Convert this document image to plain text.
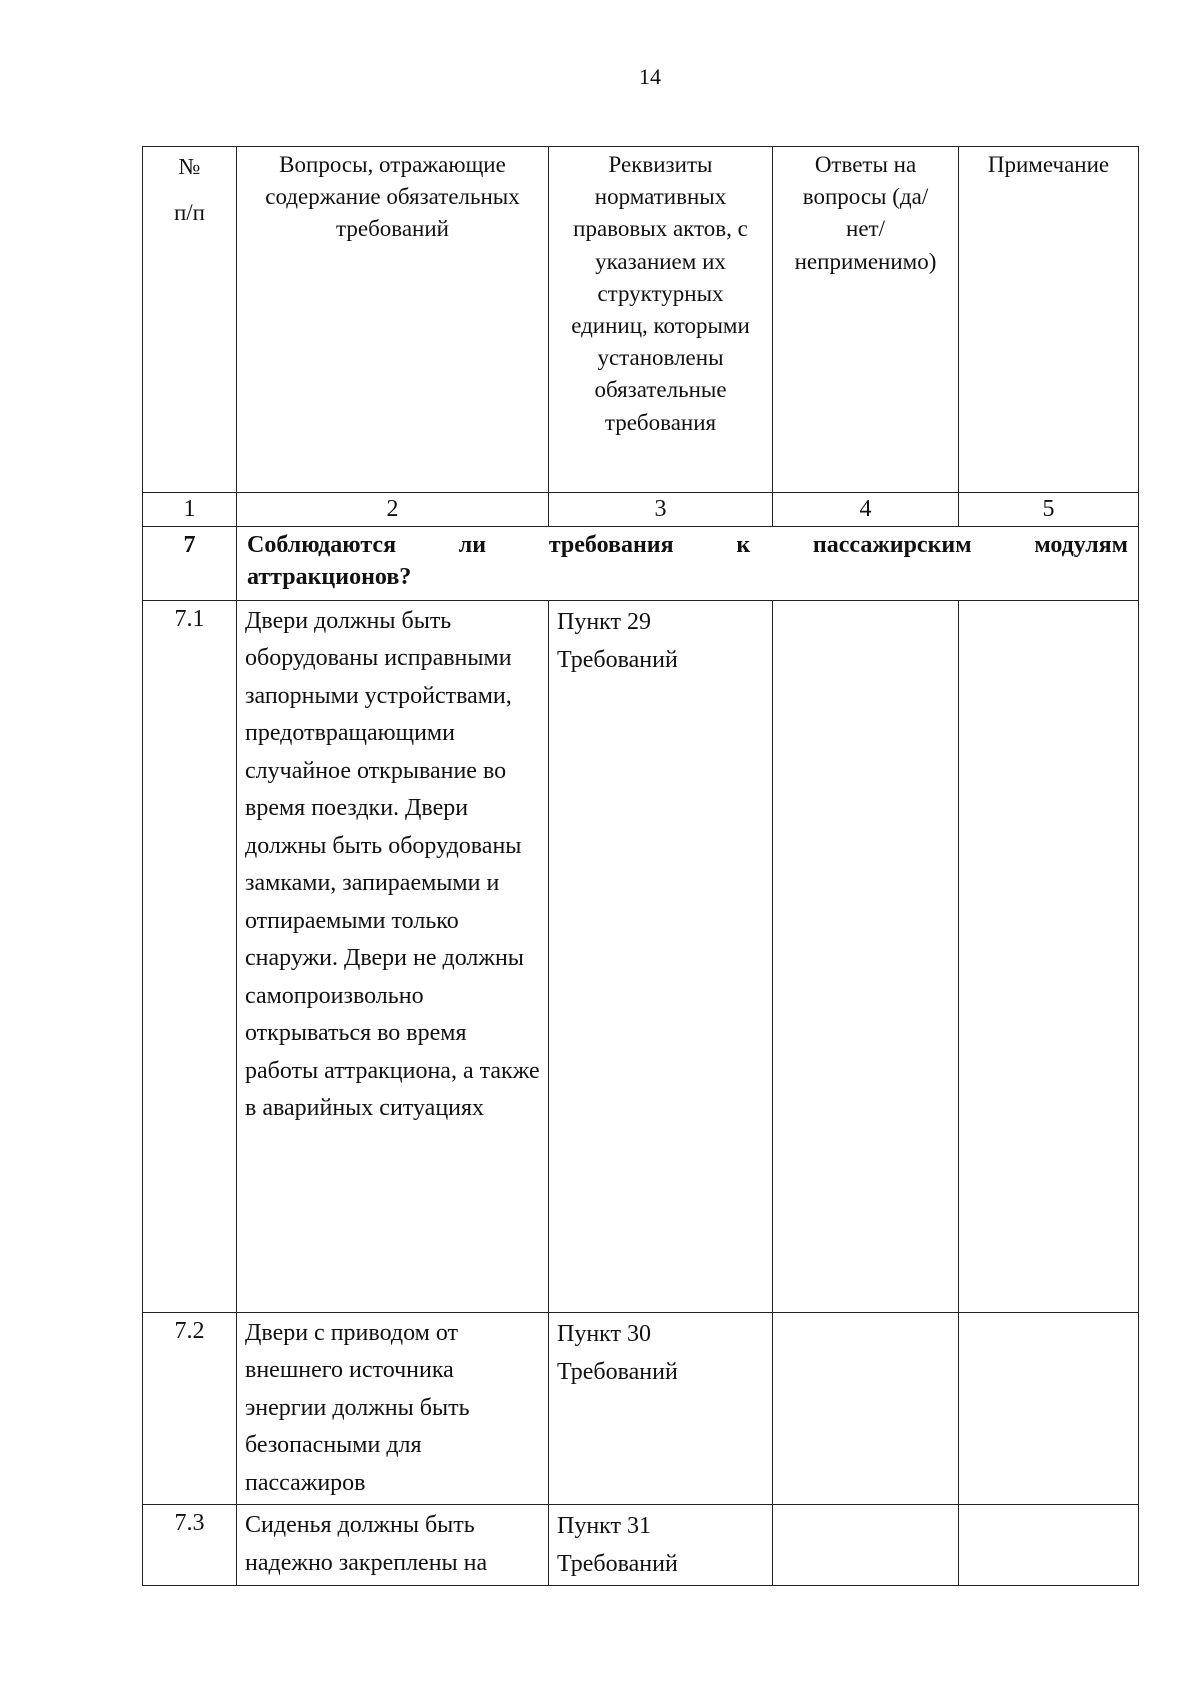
14
№
п/п	Вопросы, отражающие содержание обязательных требований	Реквизиты нормативных правовых актов, с указанием их структурных единиц, которыми установлены обязательные требования	Ответы на вопросы (да/нет/ неприменимо)	Примечание
1	2	3	4	5
7	Соблюдаются ли требования к пассажирским модулям
аттракционов?			

7.1	Двери должны быть оборудованы исправными запорными устройствами, предотвращающими случайное открывание во время поездки. Двери должны быть оборудованы замками, запираемыми и отпираемыми только снаружи. Двери не должны самопроизвольно открываться во время работы аттракциона, а также в аварийных ситуациях	Пункт 29 Требований		
7.2	Двери с приводом от внешнего источника энергии должны быть безопасными для пассажиров	Пункт 30 Требований		
7.3	Сиденья должны быть надежно закреплены на	Пункт 31 Требований		
